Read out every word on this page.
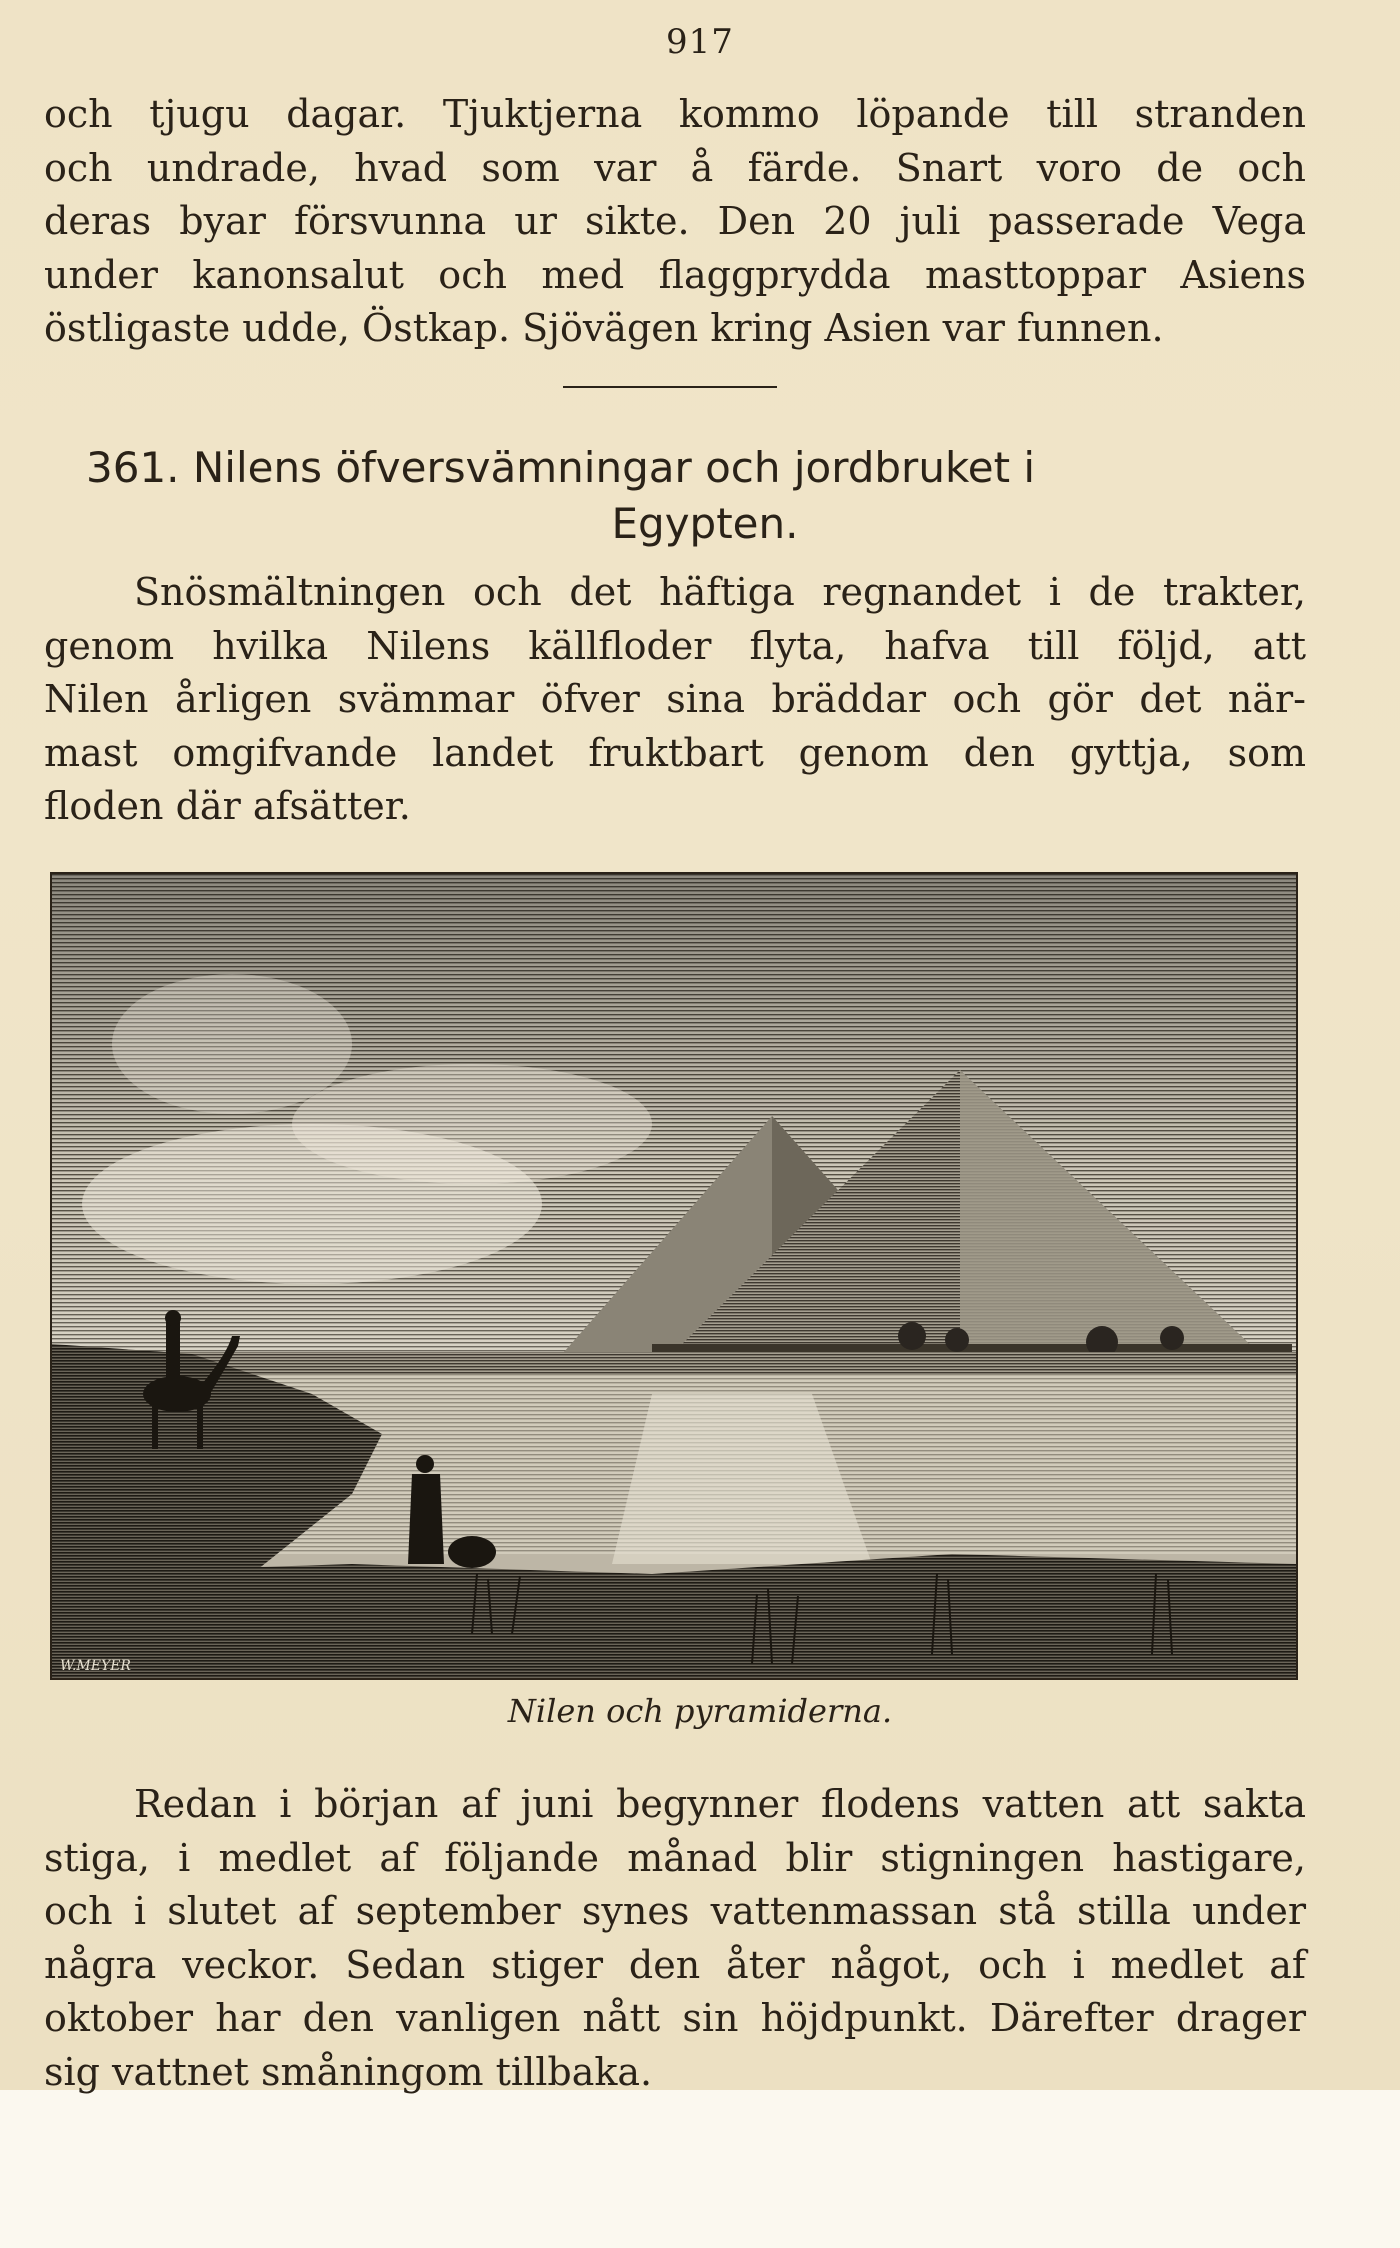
917
och tjugu dagar. Tjuktjerna kommo löpande till stranden
och undrade, hvad som var å färde. Snart voro de och
deras byar försvunna ur sikte. Den 20 juli passerade Vega
under kanonsalut och med flaggprydda masttoppar Asiens
östligaste udde, Östkap. Sjövägen kring Asien var funnen.
361. Nilens öfversvämningar och jordbruket i
Egypten.
Snösmältningen och det häftiga regnandet i de trakter,
genom hvilka Nilens källfloder flyta, hafva till följd, att
Nilen årligen svämmar öfver sina bräddar och gör det när-
mast omgifvande landet fruktbart genom den gyttja, som
floden där afsätter.
W.MEYER
Nilen och pyramiderna.
Redan i början af juni begynner flodens vatten att sakta
stiga, i medlet af följande månad blir stigningen hastigare,
och i slutet af september synes vattenmassan stå stilla under
några veckor. Sedan stiger den åter något, och i medlet af
oktober har den vanligen nått sin höjdpunkt. Därefter drager
sig vattnet småningom tillbaka.
